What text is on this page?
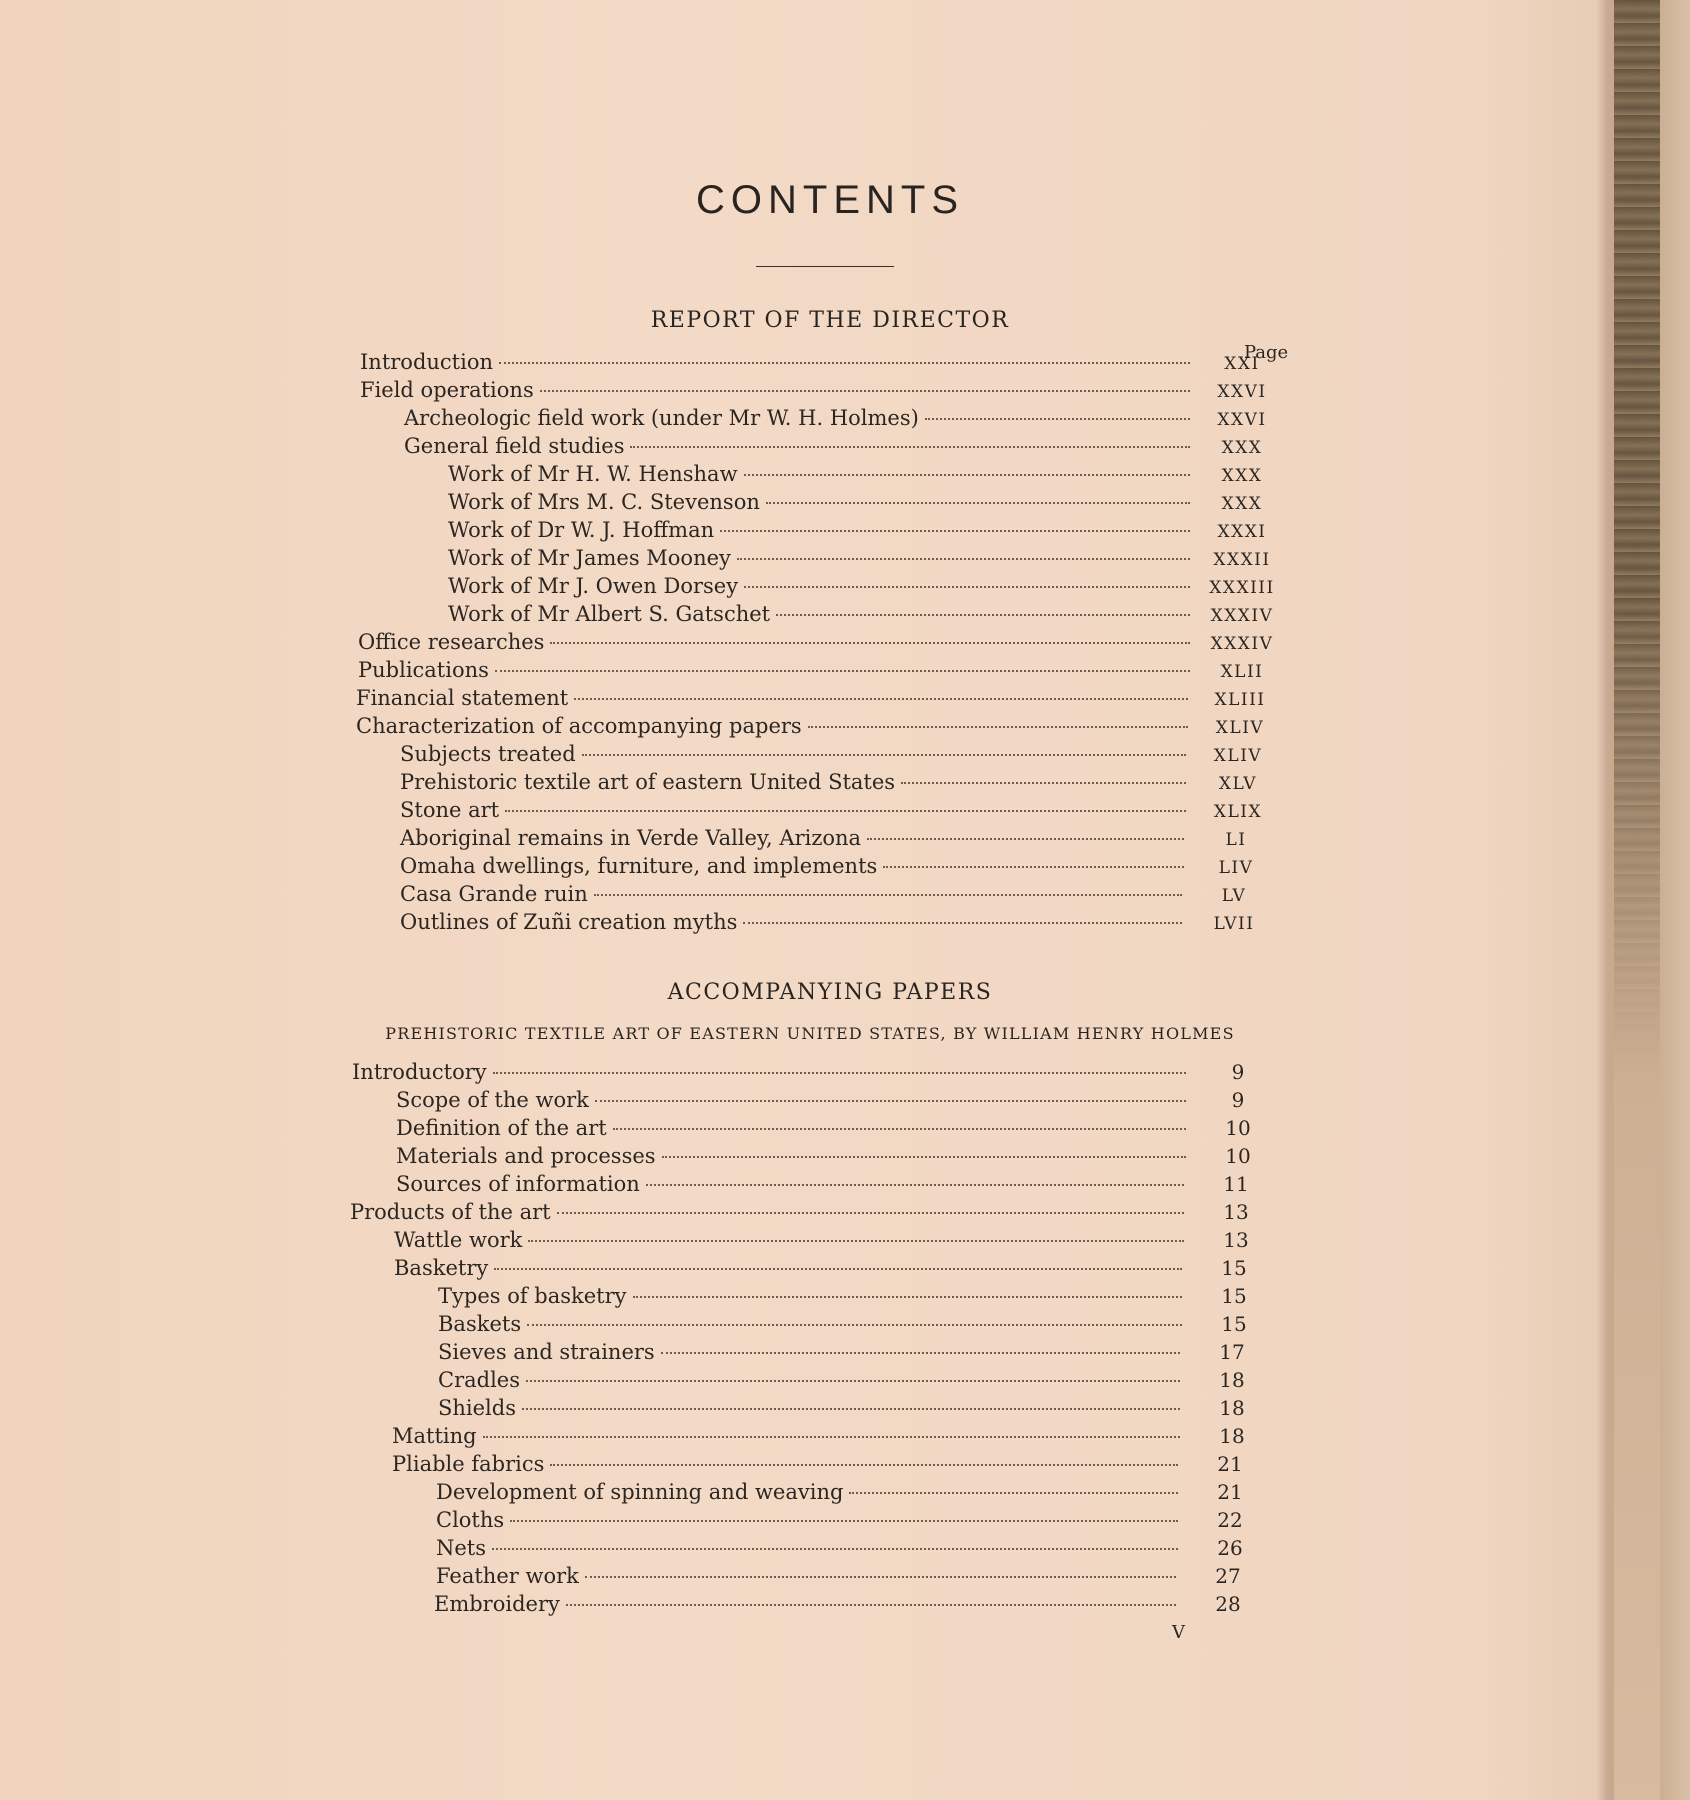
CONTENTS
REPORT OF THE DIRECTOR
Page
Introduction	XXI
Field operations	XXVI
Archeologic field work (under Mr W. H. Holmes)	XXVI
General field studies	XXX
Work of Mr H. W. Henshaw	XXX
Work of Mrs M. C. Stevenson	XXX
Work of Dr W. J. Hoffman	XXXI
Work of Mr James Mooney	XXXII
Work of Mr J. Owen Dorsey	XXXIII
Work of Mr Albert S. Gatschet	XXXIV
Office researches	XXXIV
Publications	XLII
Financial statement	XLIII
Characterization of accompanying papers	XLIV
Subjects treated	XLIV
Prehistoric textile art of eastern United States	XLV
Stone art	XLIX
Aboriginal remains in Verde Valley, Arizona	LI
Omaha dwellings, furniture, and implements	LIV
Casa Grande ruin	LV
Outlines of Zuñi creation myths	LVII
ACCOMPANYING PAPERS
PREHISTORIC TEXTILE ART OF EASTERN UNITED STATES, BY WILLIAM HENRY HOLMES
Introductory	9
Scope of the work	9
Definition of the art	10
Materials and processes	10
Sources of information	11
Products of the art	13
Wattle work	13
Basketry	15
Types of basketry	15
Baskets	15
Sieves and strainers	17
Cradles	18
Shields	18
Matting	18
Pliable fabrics	21
Development of spinning and weaving	21
Cloths	22
Nets	26
Feather work	27
Embroidery	28
V
